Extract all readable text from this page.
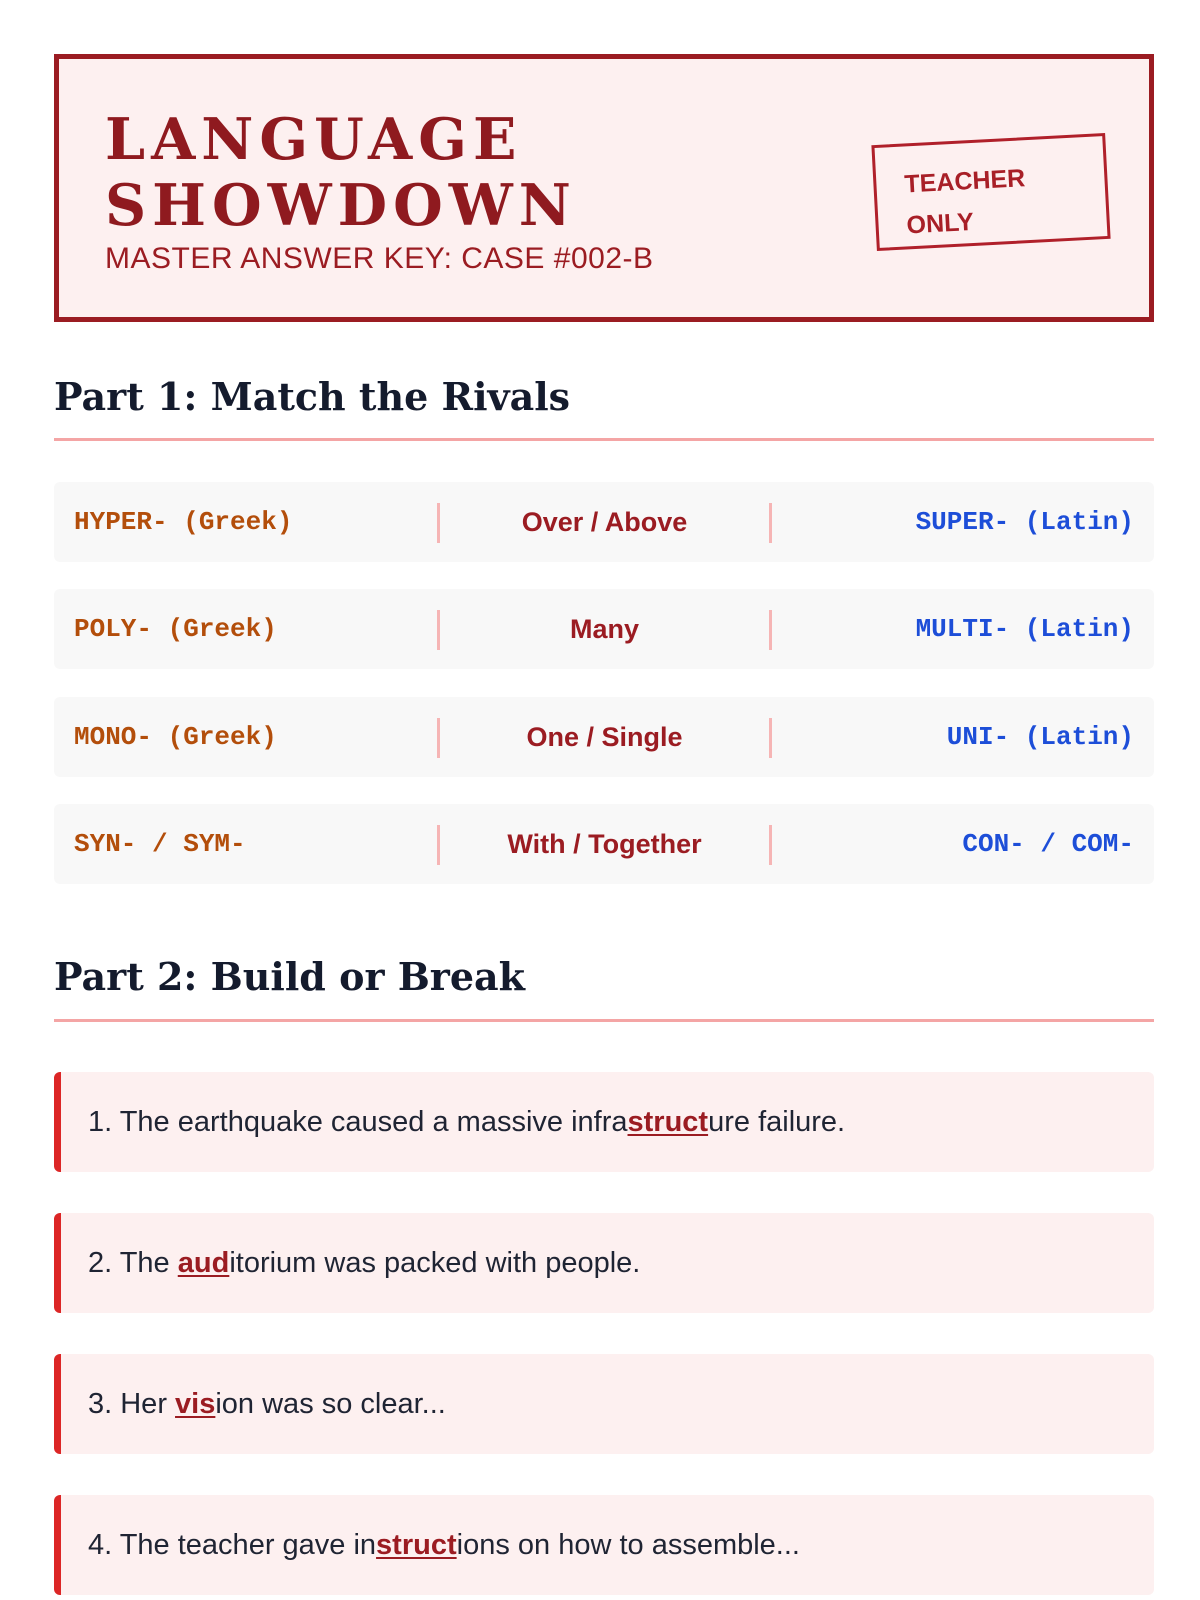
LANGUAGE
SHOWDOWN
MASTER ANSWER KEY: CASE #002-B
TEACHER
ONLY
Part 1: Match the Rivals
HYPER- (Greek)	Over / Above	SUPER- (Latin)
POLY- (Greek)	Many	MULTI- (Latin)
MONO- (Greek)	One / Single	UNI- (Latin)
SYN- / SYM-	With / Together	CON- / COM-
Part 2: Build or Break
1. The earthquake caused a massive infrastructure failure.
2. The auditorium was packed with people.
3. Her vision was so clear...
4. The teacher gave instructions on how to assemble...
